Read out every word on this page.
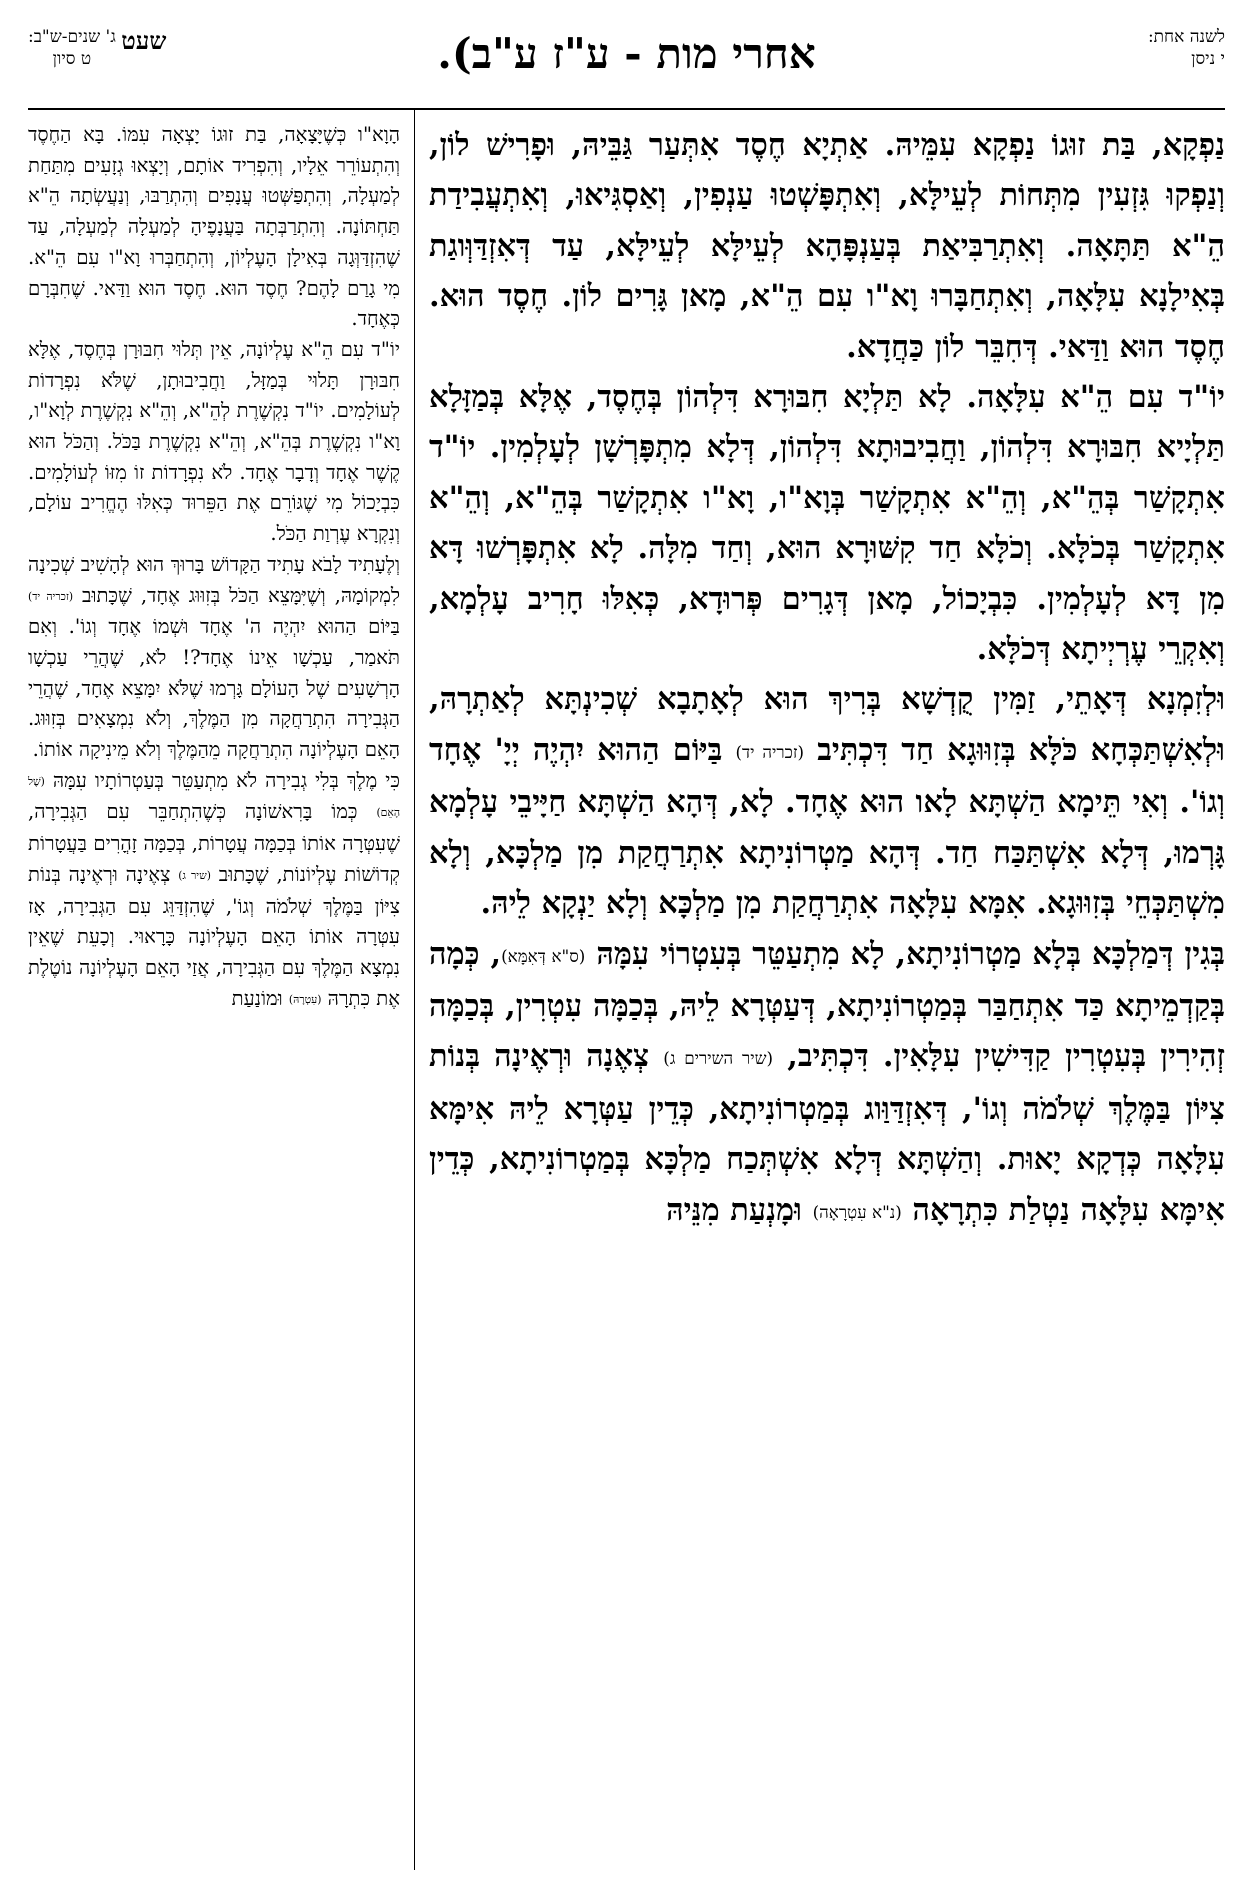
לשנה אחת:
י ניסן
אחרי מות - ע"ז ע"ב).
שעט
ג' שנים-ש"ב:
ט סיון

נַפְקָא, בַּת זוּגוֹ נַפְקָא עִמֵּיהּ. אַתְיָא חֶסֶד אִתְּעַר גַּבֵּיהּ, וּפָרִישׁ לוֹן, וְנַפְקוּ גִּזְעִין מִתְּחוֹת לְעֵילָּא, וְאִתְפָּשְׁטוּ עַנְפִין, וְאַסְגִּיאוּ, וְאִתְעֲבִידַת הֵ"א תַּתָּאָה. וְאִתְרַבִּיאַת בְּעַנְפָּהָא לְעֵילָּא לְעֵילָּא, עַד דְּאִזְדַּוְּוגַת בְּאִילָנָא עִלָּאָה, וְאִתְחַבָּרוּ וָא"ו עִם הֵ"א, מָאן גָּרִים לוֹן. חֶסֶד הוּא. חֶסֶד הוּא וַדַּאי. דְּחִבֵּר לוֹן כַּחֲדָא.

יוֹ"ד עִם הֵ"א עִלָּאָה. לָא תַּלְיָא חִבּוּרָא דִּלְהוֹן בְּחֶסֶד, אֶלָּא בְּמַזָּלָא תַּלְיָיא חִבּוּרָא דִּלְהוֹן, וַחֲבִיבוּתָא דִּלְהוֹן, דְּלָא מִתְפָּרְשָׁן לְעָלְמִין. יוֹ"ד אִתְקָשַׁר בְּהֵ"א, וְהֵ"א אִתְקָשַׁר בְּוָא"ו, וָא"ו אִתְקָשַׁר בְּהֵ"א, וְהֵ"א אִתְקָשַׁר בְּכֹלָּא. וְכֹלָּא חַד קִשּׁוּרָא הוּא, וְחַד מִלָּה. לָא אִתְפָּרְשׁוּ דָּא מִן דָּא לְעָלְמִין. כִּבְיָכוֹל, מָאן דְּגָרִים פְּרוּדָא, כְּאִלּוּ חָרִיב עָלְמָא, וְאִקְרֵי עֶרְיְיתָא דְּכֹלָּא.

וּלְזִמְנָא דְּאָתֵי, זַמִּין קֻדְשָׁא בְּרִיךְ הוּא לְאָתָבָא שְׁכִינְתָּא לְאַתְרָהּ, וּלְאִשְׁתַּכְּחָא כֹּלָּא בְּזִוּוּגָא חַד דִּכְתִּיב (זכריה יד) בַּיּוֹם הַהוּא יִהְיֶה יְיָ' אֶחָד וְגוֹ'. וְאִי תֵּימָא הַשְׁתָּא לָאו הוּא אֶחָד. לָא, דְּהָא הַשְׁתָּא חַיָּיבֵי עָלְמָא גָּרְמוּ, דְּלָא אִשְׁתַּכַּח חַד. דְּהָא מַטְרוֹנִיתָא אִתְרַחֲקַת מִן מַלְכָּא, וְלָא מִשְׁתַּכְּחֵי בְּזִוּוּגָא. אִמָּא עִלָּאָה אִתְרַחֲקַת מִן מַלְכָּא וְלָא יַנְקָא לֵיהּ.

בְּגִין דְּמַלְכָּא בְּלָא מַטְרוֹנִיתָא, לָא מִתְעַטֵּר בְּעִטְרוֹי עִמָּהּ (ס"א דְּאִמָּא), כְּמָה בְּקַדְמֵיתָא כַּד אִתְחַבַּר בְּמַטְרוֹנִיתָא, דְּעַטְּרָא לֵיהּ, בְּכַמָּה עִטְרִין, בְּכַמָּה זְהִירִין בְּעִטְרִין קַדִּישִׁין עִלָּאִין. דִּכְתִּיב, (שיר השירים ג) צְאֶנָה וּרְאֶינָה בְּנוֹת צִיּוֹן בַּמֶּלֶךְ שְׁלֹמֹה וְגוֹ', דְּאִזְדַּוַּוג בְּמַטְרוֹנִיתָא, כְּדֵין עַטְּרָא לֵיהּ אִימָּא עִלָּאָה כְּדְקָא יָאוּת. וְהַשְׁתָּא דְּלָא אִשְׁתְּכַח מַלְכָּא בְּמַטְרוֹנִיתָא, כְּדֵין אִימָּא עִלָּאָה נַטְלַת כִּתְרָאָה (נ"א עִטְרָאָה) וּמָנְעַת מִנֵּיהּ

הָוָא"ו כְּשֶׁיָּצָאָה, בַּת זוּגוֹ יָצְאָה עִמּוֹ. בָּא הַחֶסֶד וְהִתְעוֹרֵר אֵלָיו, וְהִפְרִיד אוֹתָם, וְיָצְאוּ גְזָעִים מִתַּחַת לְמַעְלָה, וְהִתְפַּשְּׁטוּ עֲנָפִים וְהִתְרַבּוּ, וְנַעֲשְׂתָה הֵ"א תַּחְתּוֹנָה. וְהִתְרַבְּתָה בַּעֲנָפֶיהָ לְמַעְלָה לְמַעְלָה, עַד שֶׁהִזְדַּוְּגָה בְּאִילָן הָעֶלְיוֹן, וְהִתְחַבְּרוּ וָא"ו עִם הֵ"א. מִי גָרַם לָהֶם? חֶסֶד הוּא. חֶסֶד הוּא וַדַּאי. שֶׁחִבְּרָם כְּאֶחָד.

יוֹ"ד עִם הֵ"א עֶלְיוֹנָה, אֵין תְּלוּי חִבּוּרָן בְּחֶסֶד, אֶלָּא חִבּוּרָן תָּלוּי בְּמַזָּל, וַחֲבִיבוּתָן, שֶׁלֹּא נִפְרָדוֹת לְעוֹלָמִים. יוֹ"ד נִקְשֶׁרֶת לְהֵ"א, וְהֵ"א נִקְשֶׁרֶת לְוָא"ו, וָא"ו נִקְשֶׁרֶת בְּהֵ"א, וְהֵ"א נִקְשֶׁרֶת בַּכֹּל. וְהַכֹּל הוּא קֶשֶׁר אֶחָד וְדָבָר אֶחָד. לֹא נִפְרָדוֹת זוֹ מִזּוֹ לְעוֹלָמִים. כִּבְיָכוֹל מִי שֶׁגּוֹרֵם אֶת הַפֵּרוּד כְּאִלּוּ הֶחֱרִיב עוֹלָם, וְנִקְרָא עֶרְוַת הַכֹּל.

וְלֶעָתִיד לָבֹא עָתִיד הַקָּדוֹשׁ בָּרוּךְ הוּא לְהָשִׁיב שְׁכִינָה לִמְקוֹמָהּ, וְשֶׁיִּמָּצֵא הַכֹּל בְּזִוּוּג אֶחָד, שֶׁכָּתוּב (זכריה יד) בַּיּוֹם הַהוּא יִהְיֶה ה' אֶחָד וּשְׁמוֹ אֶחָד וְגוֹ'. וְאִם תֹּאמַר, עַכְשָׁו אֵינוֹ אֶחָד?! לֹא, שֶׁהֲרֵי עַכְשָׁו הָרְשָׁעִים שֶׁל הָעוֹלָם גָּרְמוּ שֶׁלֹּא יִמָּצֵא אֶחָד, שֶׁהֲרֵי הַגְּבִירָה הִתְרַחֲקָה מִן הַמֶּלֶךְ, וְלֹא נִמְצָאִים בְּזִוּוּג. הָאֵם הָעֶלְיוֹנָה הִתְרַחֲקָה מֵהַמֶּלֶךְ וְלֹא מֵינִיקָה אוֹתוֹ.

כִּי מֶלֶךְ בְּלִי גְבִירָה לֹא מִתְעַטֵּר בְּעַטְרוֹתָיו עִמָּהּ (שֶׁל הָאֵם) כְּמוֹ בָּרִאשׁוֹנָה כְּשֶׁהִתְחַבֵּר עִם הַגְּבִירָה, שֶׁעִטְּרָה אוֹתוֹ בְּכַמָּה עֲטָרוֹת, בְּכַמָּה זָהֳרִים בַּעֲטָרוֹת קְדוֹשׁוֹת עֶלְיוֹנוֹת, שֶׁכָּתוּב (שיר ג) צְאֶינָה וּרְאֶינָה בְּנוֹת צִיּוֹן בַּמֶּלֶךְ שְׁלֹמֹה וְגוֹ', שֶׁהִזְדַּוֵּג עִם הַגְּבִירָה, אָז עִטְּרָה אוֹתוֹ הָאֵם הָעֶלְיוֹנָה כָּרָאוּי. וְכָעֵת שֶׁאֵין נִמְצָא הַמֶּלֶךְ עִם הַגְּבִירָה, אֲזַי הָאֵם הָעֶלְיוֹנָה נוֹטֶלֶת אֶת כִּתְרָהּ (עִטְרָהּ) וּמוֹנַעַת
